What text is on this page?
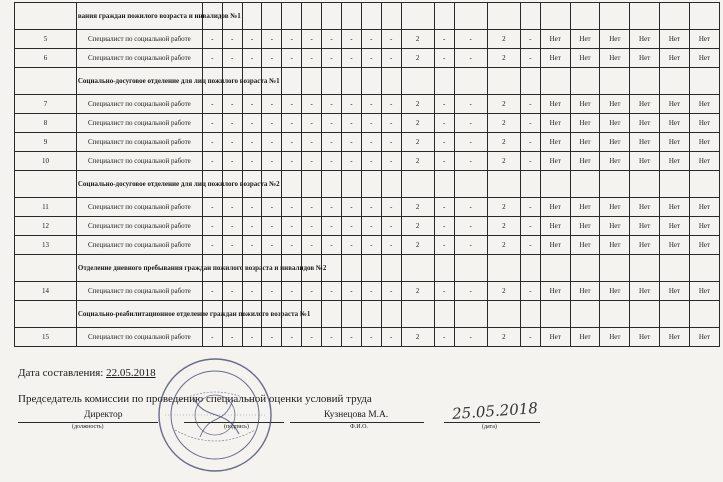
	вания граждан пожилого возраста и инвалидов №1																					
5	Специалист по социальной работе	-	-	-	-	-	-	-	-	-	-	2	-	-	2	-	Нет	Нет	Нет	Нет	Нет	Нет
6	Специалист по социальной работе	-	-	-	-	-	-	-	-	-	-	2	-	-	2	-	Нет	Нет	Нет	Нет	Нет	Нет
	Социально-досуговое отделение для лиц пожилого возраста №1																					
7	Специалист по социальной работе	-	-	-	-	-	-	-	-	-	-	2	-	-	2	-	Нет	Нет	Нет	Нет	Нет	Нет
8	Специалист по социальной работе	-	-	-	-	-	-	-	-	-	-	2	-	-	2	-	Нет	Нет	Нет	Нет	Нет	Нет
9	Специалист по социальной работе	-	-	-	-	-	-	-	-	-	-	2	-	-	2	-	Нет	Нет	Нет	Нет	Нет	Нет
10	Специалист по социальной работе	-	-	-	-	-	-	-	-	-	-	2	-	-	2	-	Нет	Нет	Нет	Нет	Нет	Нет
	Социально-досуговое отделение для лиц пожилого возраста №2																					
11	Специалист по социальной работе	-	-	-	-	-	-	-	-	-	-	2	-	-	2	-	Нет	Нет	Нет	Нет	Нет	Нет
12	Специалист по социальной работе	-	-	-	-	-	-	-	-	-	-	2	-	-	2	-	Нет	Нет	Нет	Нет	Нет	Нет
13	Специалист по социальной работе	-	-	-	-	-	-	-	-	-	-	2	-	-	2	-	Нет	Нет	Нет	Нет	Нет	Нет
	Отделение дневного пребывания граждан пожилого возраста и инвалидов №2																					
14	Специалист по социальной работе	-	-	-	-	-	-	-	-	-	-	2	-	-	2	-	Нет	Нет	Нет	Нет	Нет	Нет
	Социально-реабилитационное отделение граждан пожилого возраста №1																					
15	Специалист по социальной работе	-	-	-	-	-	-	-	-	-	-	2	-	-	2	-	Нет	Нет	Нет	Нет	Нет	Нет
Дата составления: 22.05.2018
Председатель комиссии по проведению специальной оценки условий труда
Директор
(должность)	(подпись)
Кузнецова М.А.
Ф.И.О.
25.05.2018
(дата)
